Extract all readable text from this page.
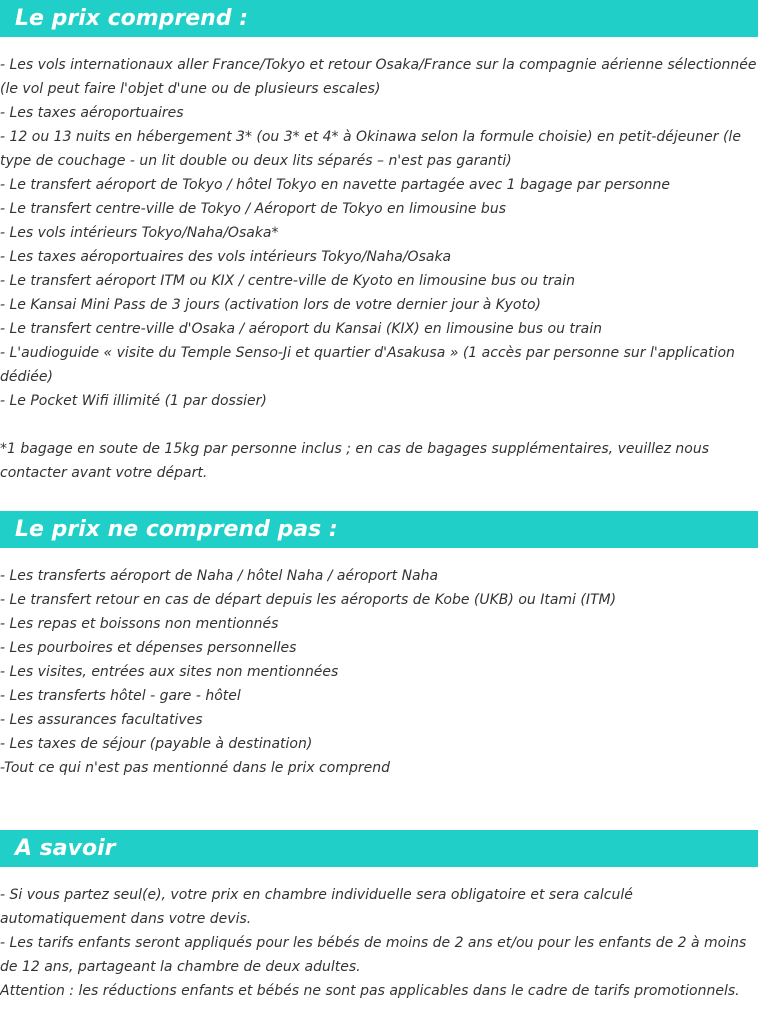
Le prix comprend :
- Les vols internationaux aller France/Tokyo et retour Osaka/France sur la compagnie aérienne sélectionnée (le vol peut faire l'objet d'une ou de plusieurs escales)
- Les taxes aéroportuaires
- 12 ou 13 nuits en hébergement 3* (ou 3* et 4* à Okinawa selon la formule choisie) en petit-déjeuner (le type de couchage - un lit double ou deux lits séparés – n'est pas garanti)
- Le transfert aéroport de Tokyo / hôtel Tokyo en navette partagée avec 1 bagage par personne
- Le transfert centre-ville de Tokyo / Aéroport de Tokyo en limousine bus
- Les vols intérieurs Tokyo/Naha/Osaka*
- Les taxes aéroportuaires des vols intérieurs Tokyo/Naha/Osaka
- Le transfert aéroport ITM ou KIX / centre-ville de Kyoto en limousine bus ou train
- Le Kansai Mini Pass de 3 jours (activation lors de votre dernier jour à Kyoto)
- Le transfert centre-ville d'Osaka / aéroport du Kansai (KIX) en limousine bus ou train
- L'audioguide « visite du Temple Senso-Ji et quartier d'Asakusa » (1 accès par personne sur l'application dédiée)
- Le Pocket Wifi illimité (1 par dossier)
*1 bagage en soute de 15kg par personne inclus ; en cas de bagages supplémentaires, veuillez nous contacter avant votre départ.
Le prix ne comprend pas :
- Les transferts aéroport de Naha / hôtel Naha / aéroport Naha
- Le transfert retour en cas de départ depuis les aéroports de Kobe (UKB) ou Itami (ITM)
- Les repas et boissons non mentionnés
- Les pourboires et dépenses personnelles
- Les visites, entrées aux sites non mentionnées
- Les transferts hôtel - gare - hôtel
- Les assurances facultatives
- Les taxes de séjour (payable à destination)
-Tout ce qui n'est pas mentionné dans le prix comprend
A savoir
- Si vous partez seul(e), votre prix en chambre individuelle sera obligatoire et sera calculé automatiquement dans votre devis.
- Les tarifs enfants seront appliqués pour les bébés de moins de 2 ans et/ou pour les enfants de 2 à moins de 12 ans, partageant la chambre de deux adultes.
Attention : les réductions enfants et bébés ne sont pas applicables dans le cadre de tarifs promotionnels.
